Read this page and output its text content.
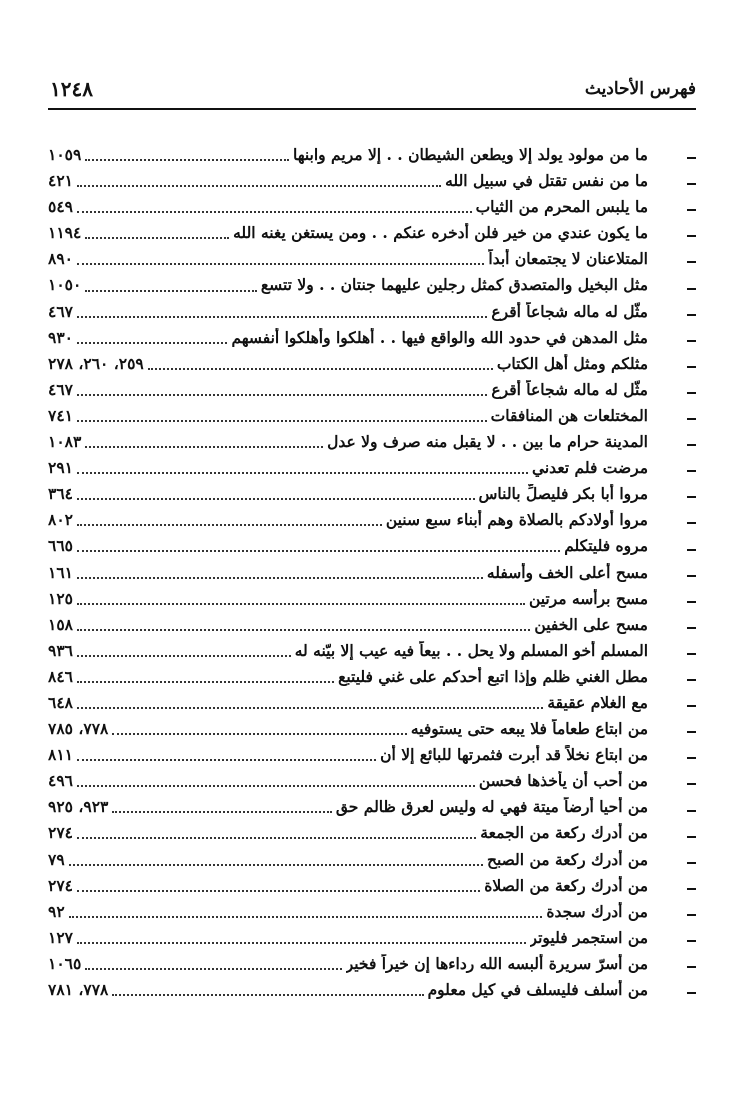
١٢٤٨	فهرس الأحاديث
ما من مولود يولد إلا ويطعن الشيطان . . إلا مريم وابنها
١٠٥٩
ما من نفس تقتل في سبيل الله
٤٢١
ما يلبس المحرم من الثياب
٥٤٩
ما يكون عندي من خير فلن أدخره عنكم . . ومن يستغن يغنه الله
١١٩٤
المتلاعنان لا يجتمعان أبداً
٨٩٠
مثل البخيل والمتصدق كمثل رجلين عليهما جنتان . . ولا تتسع
١٠٥٠
مثّل له ماله شجاعاً أقرع
٤٦٧
مثل المدهن في حدود الله والواقع فيها . . أهلكوا وأهلكوا أنفسهم
٩٣٠
مثلكم ومثل أهل الكتاب
٢٥٩، ٢٦٠، ٢٧٨
مثّل له ماله شجاعاً أقرع
٤٦٧
المختلعات هن المنافقات
٧٤١
المدينة حرام ما بين . . لا يقبل منه صرف ولا عدل
١٠٨٣
مرضت فلم تعدني
٢٩١
مروا أبا بكر فليصلِّ بالناس
٣٦٤
مروا أولادكم بالصلاة وهم أبناء سبع سنين
٨٠٢
مروه فليتكلم
٦٦٥
مسح أعلى الخف وأسفله
١٦١
مسح برأسه مرتين
١٢٥
مسح على الخفين
١٥٨
المسلم أخو المسلم ولا يحل . . بيعاً فيه عيب إلا بيّنه له
٩٣٦
مطل الغني ظلم وإذا اتبع أحدكم على غني فليتبع
٨٤٦
مع الغلام عقيقة
٦٤٨
من ابتاع طعاماً فلا يبعه حتى يستوفيه
٧٧٨، ٧٨٥
من ابتاع نخلاً قد أبرت فثمرتها للبائع إلا أن
٨١١
من أحب أن يأخذها فحسن
٤٩٦
من أحيا أرضاً ميتة فهي له وليس لعرق ظالم حق
٩٢٣، ٩٢٥
من أدرك ركعة من الجمعة
٢٧٤
من أدرك ركعة من الصبح
٧٩
من أدرك ركعة من الصلاة
٢٧٤
من أدرك سجدة
٩٢
من استجمر فليوتر
١٢٧
من أسرّ سريرة ألبسه الله رداءها إن خيراً فخير
١٠٦٥
من أسلف فليسلف في كيل معلوم
٧٧٨، ٧٨١
